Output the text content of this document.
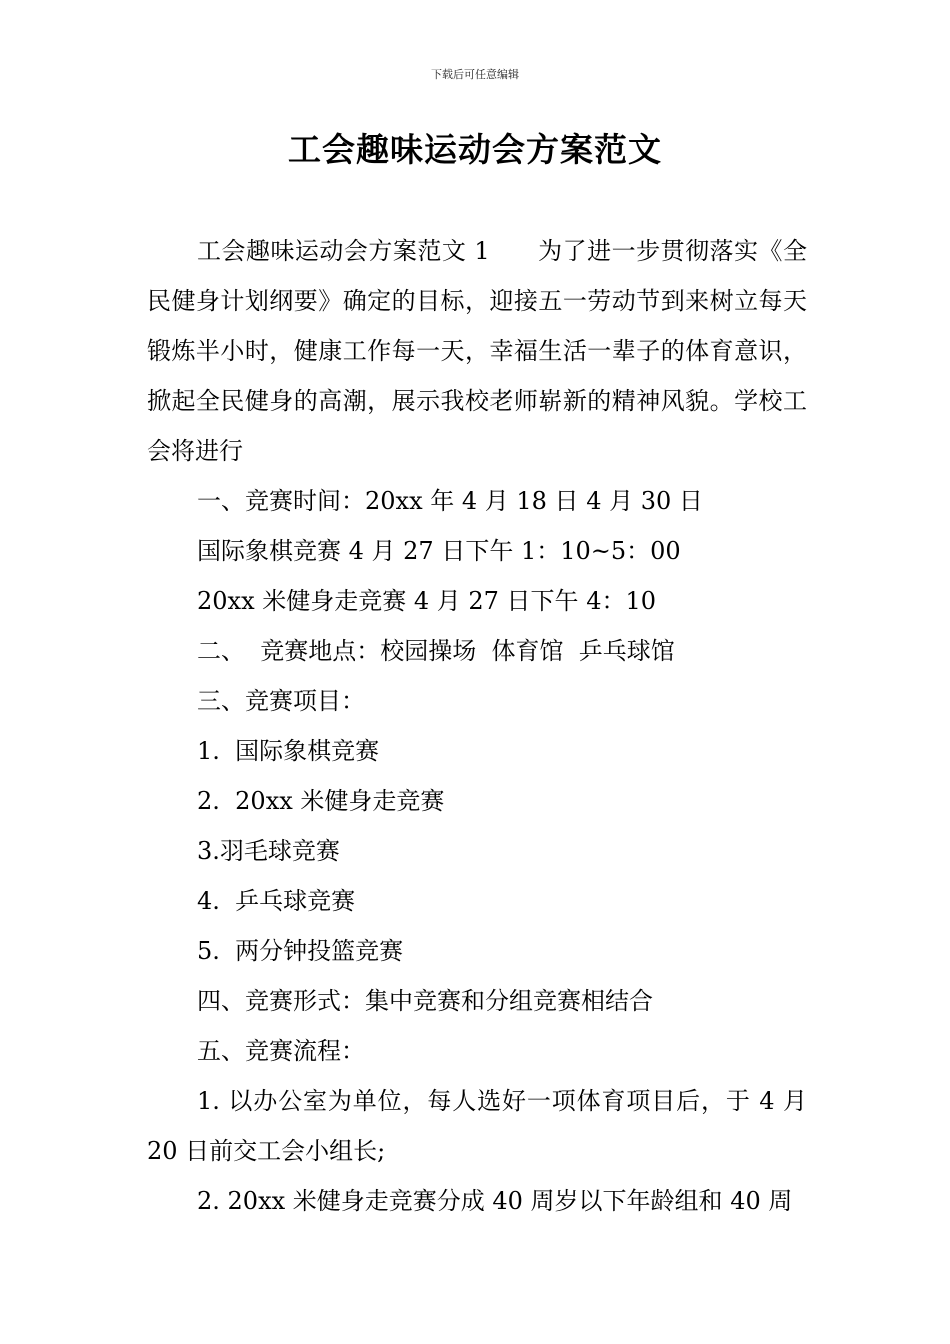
下载后可任意编辑
工会趣味运动会方案范文

工会趣味运动会方案范文 1 为了进一步贯彻落实《全民健身计划纲要》确定的目标，迎接五一劳动节到来树立每天锻炼半小时，健康工作每一天，幸福生活一辈子的体育意识，掀起全民健身的高潮，展示我校老师崭新的精神风貌。学校工会将进行

一、竞赛时间：20xx 年 4 月 18 日 4 月 30 日

国际象棋竞赛 4 月 27 日下午 1：10~5：00

20xx 米健身走竞赛 4 月 27 日下午 4：10

二、  竞赛地点：校园操场  体育馆  乒乓球馆

三、竞赛项目：

1.  国际象棋竞赛

2.  20xx 米健身走竞赛

3.羽毛球竞赛

4.  乒乓球竞赛

5.  两分钟投篮竞赛

四、竞赛形式：集中竞赛和分组竞赛相结合

五、竞赛流程：

1. 以办公室为单位，每人选好一项体育项目后，于 4 月 20 日前交工会小组长;

2. 20xx 米健身走竞赛分成 40 周岁以下年龄组和 40 周
